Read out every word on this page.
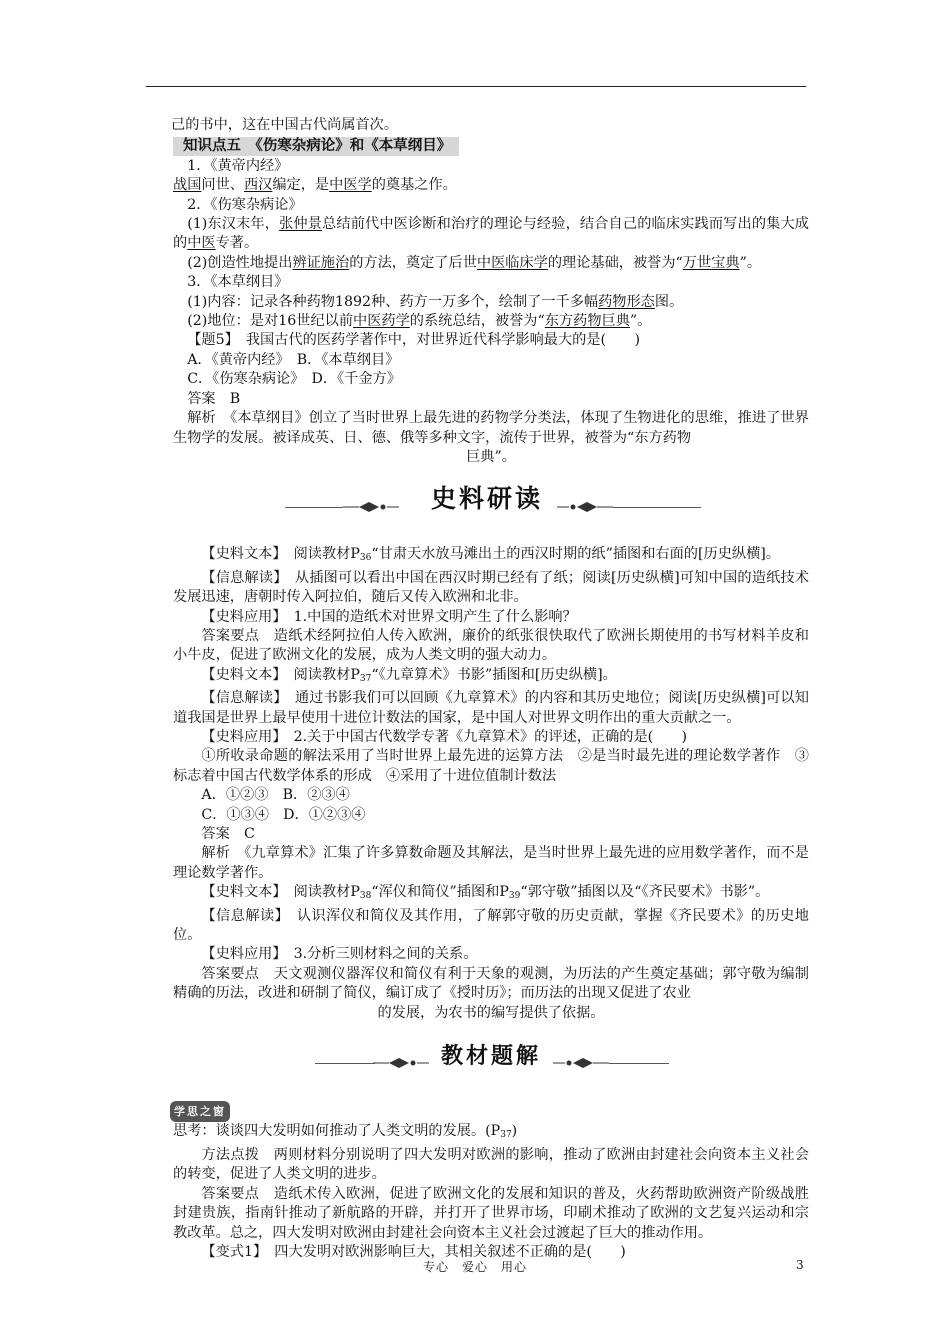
己的书中，这在中国古代尚属首次。

知识点五　《伤寒杂病论》和《本草纲目》

1．《黄帝内经》

战国问世、西汉编定，是中医学的奠基之作。

2．《伤寒杂病论》

(1)东汉末年，张仲景总结前代中医诊断和治疗的理论与经验，结合自己的临床实践而写出的集大成的中医专著。

(2)创造性地提出辨证施治的方法，奠定了后世中医临床学的理论基础，被誉为“万世宝典”。

3．《本草纲目》

(1)内容：记录各种药物1892种、药方一万多个，绘制了一千多幅药物形态图。

(2)地位：是对16世纪以前中医药学的系统总结，被誉为“东方药物巨典”。

【题5】　我国古代的医药学著作中，对世界近代科学影响最大的是(　　)

A．《黄帝内经》　B．《本草纲目》

C．《伤寒杂病论》　D．《千金方》

答案　B

解析　《本草纲目》创立了当时世界上最先进的药物学分类法，体现了生物进化的思维，推进了世界生物学的发展。被译成英、日、德、俄等多种文字，流传于世界，被誉为“东方药物

巨典”。

史料研读

【史料文本】　阅读教材$P_{36}“$甘肃天水放马滩出土的西汉时期的纸”插图和右面的[历史纵横]。

【信息解读】　从插图可以看出中国在西汉时期已经有了纸；阅读[历史纵横]可知中国的造纸技术发展迅速，唐朝时传入阿拉伯，随后又传入欧洲和北非。

【史料应用】　1.中国的造纸术对世界文明产生了什么影响？

答案要点　造纸术经阿拉伯人传入欧洲，廉价的纸张很快取代了欧洲长期使用的书写材料羊皮和小牛皮，促进了欧洲文化的发展，成为人类文明的强大动力。

【史料文本】　阅读教材$P_{37}“$《九章算术》书影”插图和[历史纵横]。

【信息解读】　通过书影我们可以回顾《九章算术》的内容和其历史地位；阅读[历史纵横]可以知道我国是世界上最早使用十进位计数法的国家，是中国人对世界文明作出的重大贡献之一。

【史料应用】　2.关于中国古代数学专著《九章算术》的评述，正确的是(　　)

①所收录命题的解法采用了当时世界上最先进的运算方法　②是当时最先进的理论数学著作　③标志着中国古代数学体系的形成　④采用了十进位值制计数法

A．①②③　B．②③④

C．①③④　D．①②③④

答案　C

解析　《九章算术》汇集了许多算数命题及其解法，是当时世界上最先进的应用数学著作，而不是理论数学著作。

【史料文本】　阅读教材$P_{38}“$浑仪和简仪”插图和$P_{39}“$郭守敬”插图以及“《齐民要术》书影”。

【信息解读】　认识浑仪和简仪及其作用，了解郭守敬的历史贡献，掌握《齐民要术》的历史地位。

【史料应用】　3.分析三则材料之间的关系。

答案要点　天文观测仪器浑仪和简仪有利于天象的观测，为历法的产生奠定基础；郭守敬为编制精确的历法，改进和研制了简仪，编订成了《授时历》；而历法的出现又促进了农业

的发展，为农书的编写提供了依据。

教材题解

学思之窗

思考：谈谈四大发明如何推动了人类文明的发展。$(P_{37})$

方法点拨　两则材料分别说明了四大发明对欧洲的影响，推动了欧洲由封建社会向资本主义社会的转变，促进了人类文明的进步。

答案要点　造纸术传入欧洲，促进了欧洲文化的发展和知识的普及，火药帮助欧洲资产阶级战胜封建贵族，指南针推动了新航路的开辟，并打开了世界市场，印刷术推动了欧洲的文艺复兴运动和宗教改革。总之，四大发明对欧洲由封建社会向资本主义社会过渡起了巨大的推动作用。

【变式1】　四大发明对欧洲影响巨大，其相关叙述不正确的是(　　)

专心　爱心　用心	3
